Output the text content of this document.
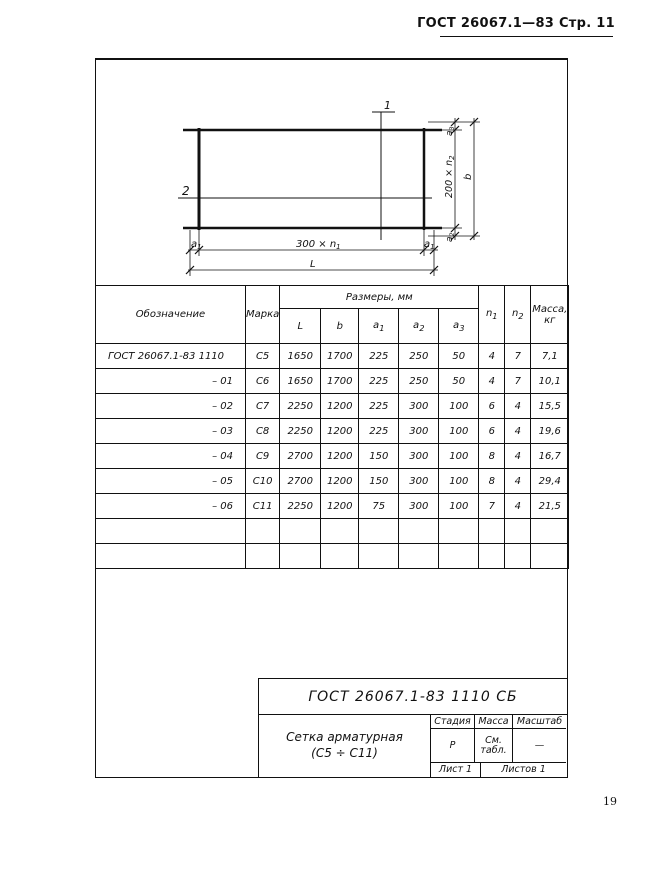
ГОСТ 26067.1—83 Стр. 11
1
2
$a_1$	$a_1$
$300 \times n_1$
L
$a_3$
$200 \times n_2$
b
$a_2$
Обозначение	Марка	Размеры, мм					$n_1$	$n_2$	Масса,
кг
		L	b	$a_1$	$a_2$	$a_3$
ГОСТ 26067.1-83 1110	С5	1650	1700	225	250	50	4	7	7,1
– 01	С6	1650	1700	225	250	50	4	7	10,1
– 02	С7	2250	1200	225	300	100	6	4	15,5
– 03	С8	2250	1200	225	300	100	6	4	19,6
– 04	С9	2700	1200	150	300	100	8	4	16,7
– 05	С10	2700	1200	150	300	100	8	4	29,4
– 06	С11	2250	1200	75	300	100	7	4	21,5

ГОСТ 26067.1-83 1110 СБ
Сетка арматурная
(С5 ÷ С11)
Стадия Масса Масштаб
Р	См.
табл.	—
Лист 1	Листов 1
19
